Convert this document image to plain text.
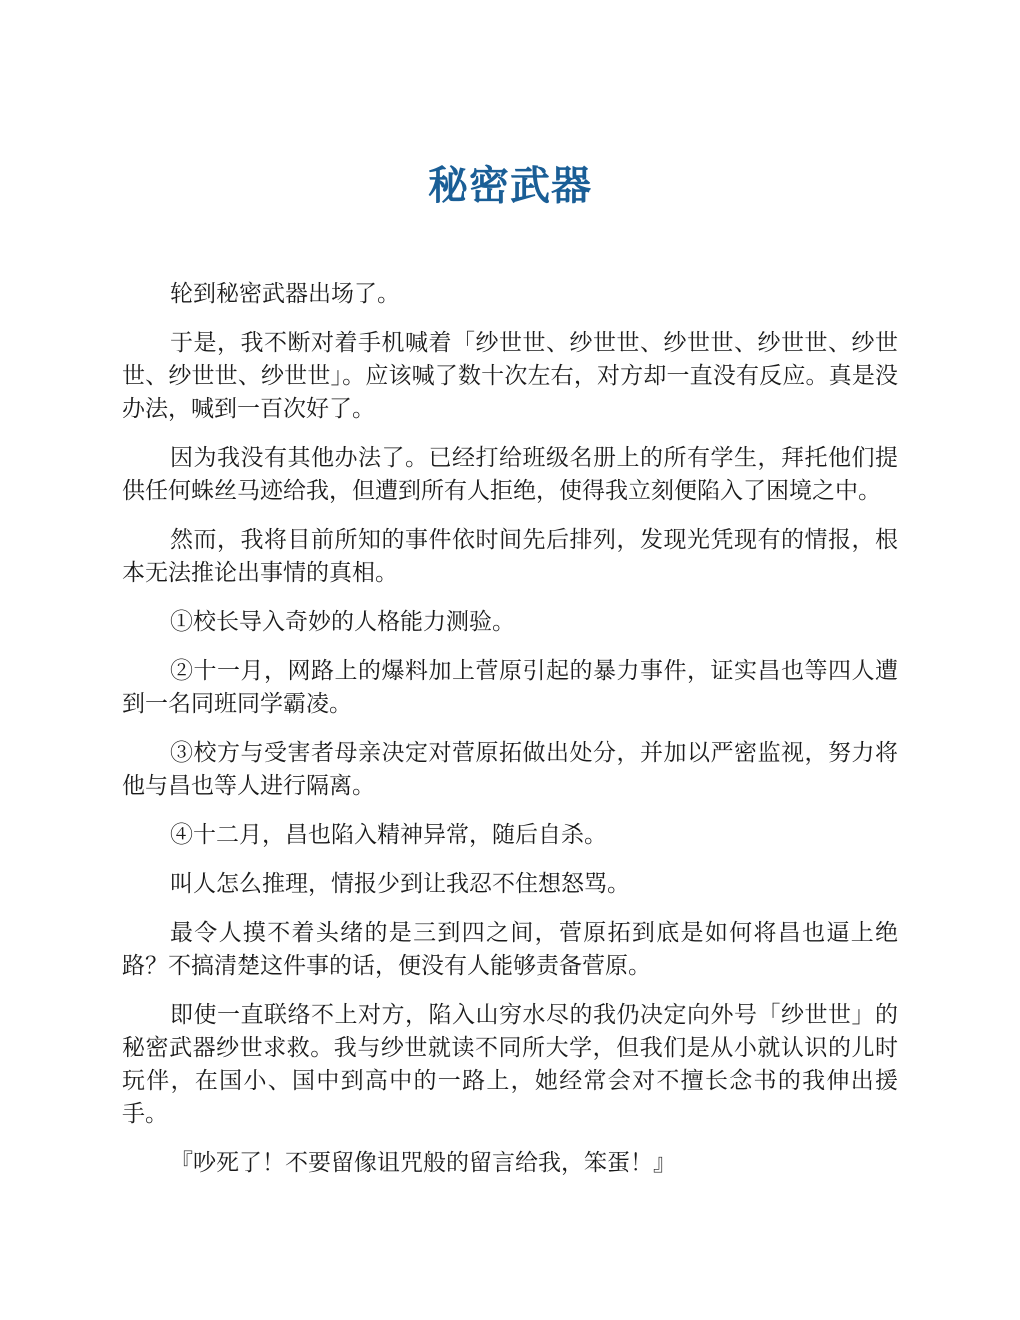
秘密武器

轮到秘密武器出场了。

于是，我不断对着手机喊着「纱世世、纱世世、纱世世、纱世世、纱世世、纱世世、纱世世」。应该喊了数十次左右，对方却一直没有反应。真是没办法，喊到一百次好了。

因为我没有其他办法了。已经打给班级名册上的所有学生，拜托他们提供任何蛛丝马迹给我，但遭到所有人拒绝，使得我立刻便陷入了困境之中。

然而，我将目前所知的事件依时间先后排列，发现光凭现有的情报，根本无法推论出事情的真相。

①校长导入奇妙的人格能力测验。

②十一月，网路上的爆料加上菅原引起的暴力事件，证实昌也等四人遭到一名同班同学霸凌。

③校方与受害者母亲决定对菅原拓做出处分，并加以严密监视，努力将他与昌也等人进行隔离。

④十二月，昌也陷入精神异常，随后自杀。

叫人怎么推理，情报少到让我忍不住想怒骂。

最令人摸不着头绪的是三到四之间，菅原拓到底是如何将昌也逼上绝路？不搞清楚这件事的话，便没有人能够责备菅原。

即使一直联络不上对方，陷入山穷水尽的我仍决定向外号「纱世世」的秘密武器纱世求救。我与纱世就读不同所大学，但我们是从小就认识的儿时玩伴，在国小、国中到高中的一路上，她经常会对不擅长念书的我伸出援手。

『吵死了！不要留像诅咒般的留言给我，笨蛋！』
